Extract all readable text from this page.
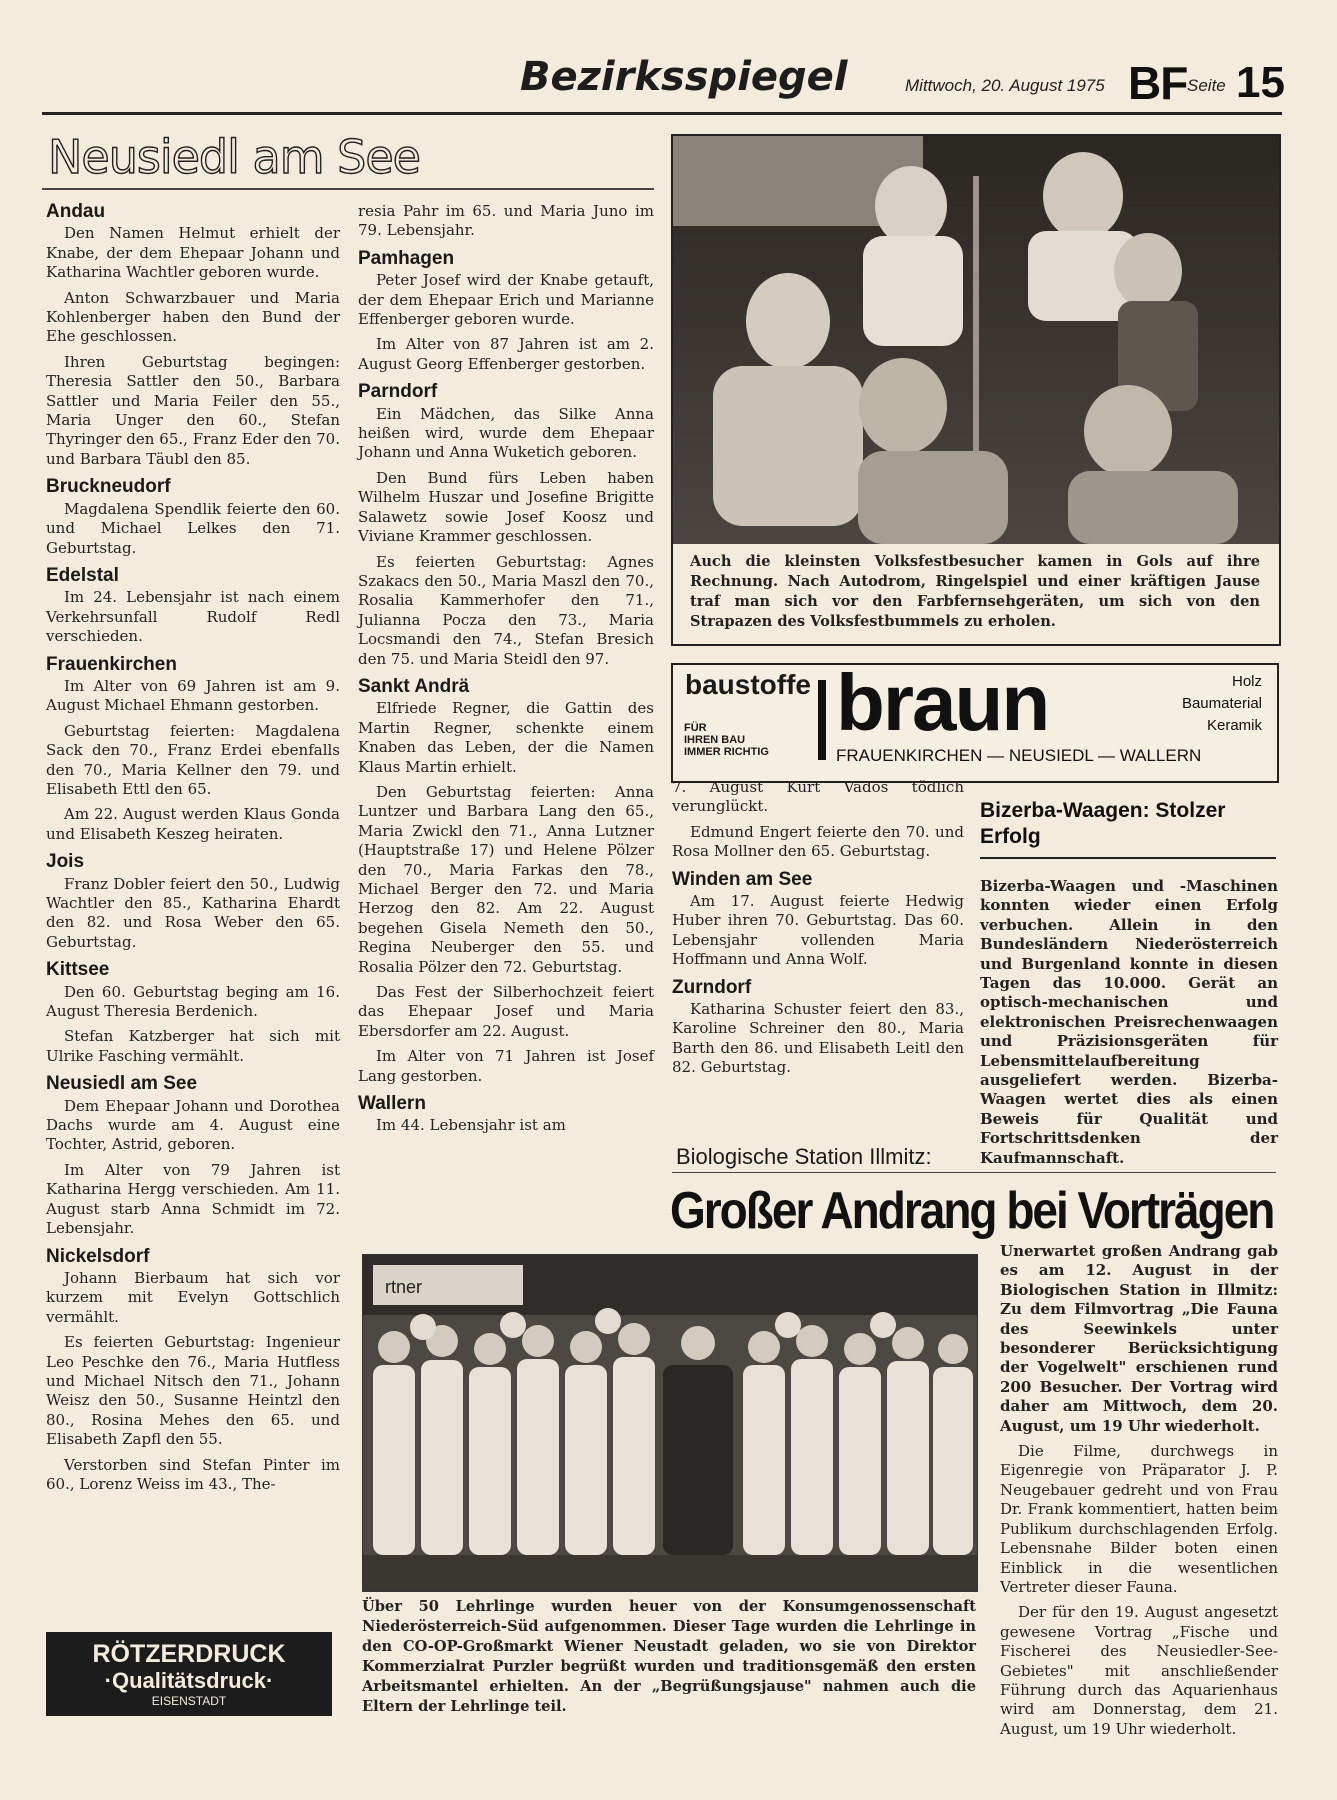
Bezirksspiegel	Mittwoch, 20. August 1975 BF Seite 15
Neusiedl am See
Andau

Den Namen Helmut erhielt der Knabe, der dem Ehepaar Johann und Katharina Wachtler geboren wurde.

Anton Schwarzbauer und Maria Kohlenberger haben den Bund der Ehe geschlossen.

Ihren Geburtstag begingen: Theresia Sattler den 50., Barbara Sattler und Maria Feiler den 55., Maria Unger den 60., Stefan Thyringer den 65., Franz Eder den 70. und Barbara Täubl den 85.

Bruckneudorf

Magdalena Spendlik feierte den 60. und Michael Lelkes den 71. Geburtstag.

Edelstal

Im 24. Lebensjahr ist nach einem Verkehrsunfall Rudolf Redl verschieden.

Frauenkirchen

Im Alter von 69 Jahren ist am 9. August Michael Ehmann gestorben.

Geburtstag feierten: Magdalena Sack den 70., Franz Erdei ebenfalls den 70., Maria Kellner den 79. und Elisabeth Ettl den 65.

Am 22. August werden Klaus Gonda und Elisabeth Keszeg heiraten.

Jois

Franz Dobler feiert den 50., Ludwig Wachtler den 85., Katharina Ehardt den 82. und Rosa Weber den 65. Geburtstag.

Kittsee

Den 60. Geburtstag beging am 16. August Theresia Berdenich.

Stefan Katzberger hat sich mit Ulrike Fasching vermählt.

Neusiedl am See

Dem Ehepaar Johann und Dorothea Dachs wurde am 4. August eine Tochter, Astrid, geboren.

Im Alter von 79 Jahren ist Katharina Hergg verschieden. Am 11. August starb Anna Schmidt im 72. Lebensjahr.

Nickelsdorf

Johann Bierbaum hat sich vor kurzem mit Evelyn Gottschlich vermählt.

Es feierten Geburtstag: Ingenieur Leo Peschke den 76., Maria Hutfless und Michael Nitsch den 71., Johann Weisz den 50., Susanne Heintzl den 80., Rosina Mehes den 65. und Elisabeth Zapfl den 55.

Verstorben sind Stefan Pinter im 60., Lorenz Weiss im 43., The-

resia Pahr im 65. und Maria Juno im 79. Lebensjahr.

Pamhagen

Peter Josef wird der Knabe getauft, der dem Ehepaar Erich und Marianne Effenberger geboren wurde.

Im Alter von 87 Jahren ist am 2. August Georg Effenberger gestorben.

Parndorf

Ein Mädchen, das Silke Anna heißen wird, wurde dem Ehepaar Johann und Anna Wuketich geboren.

Den Bund fürs Leben haben Wilhelm Huszar und Josefine Brigitte Salawetz sowie Josef Koosz und Viviane Krammer geschlossen.

Es feierten Geburtstag: Agnes Szakacs den 50., Maria Maszl den 70., Rosalia Kammerhofer den 71., Julianna Pocza den 73., Maria Locsmandi den 74., Stefan Bresich den 75. und Maria Steidl den 97.

Sankt Andrä

Elfriede Regner, die Gattin des Martin Regner, schenkte einem Knaben das Leben, der die Namen Klaus Martin erhielt.

Den Geburtstag feierten: Anna Luntzer und Barbara Lang den 65., Maria Zwickl den 71., Anna Lutzner (Hauptstraße 17) und Helene Pölzer den 70., Maria Farkas den 78., Michael Berger den 72. und Maria Herzog den 82. Am 22. August begehen Gisela Nemeth den 50., Regina Neuberger den 55. und Rosalia Pölzer den 72. Geburtstag.

Das Fest der Silberhochzeit feiert das Ehepaar Josef und Maria Ebersdorfer am 22. August.

Im Alter von 71 Jahren ist Josef Lang gestorben.

Wallern

Im 44. Lebensjahr ist am

Auch die kleinsten Volksfestbesucher kamen in Gols auf ihre Rechnung. Nach Autodrom, Ringelspiel und einer kräftigen Jause traf man sich vor den Farbfernsehgeräten, um sich von den Strapazen des Volksfestbummels zu erholen.
baustoffe
FÜR
IHREN BAU
IMMER RICHTIG
braun
FRAUENKIRCHEN — NEUSIEDL — WALLERN
Holz
Baumaterial
Keramik

7. August Kurt Vados tödlich verunglückt.

Edmund Engert feierte den 70. und Rosa Mollner den 65. Geburtstag.

Winden am See

Am 17. August feierte Hedwig Huber ihren 70. Geburtstag. Das 60. Lebensjahr vollenden Maria Hoffmann und Anna Wolf.

Zurndorf

Katharina Schuster feiert den 83., Karoline Schreiner den 80., Maria Barth den 86. und Elisabeth Leitl den 82. Geburtstag.

Bizerba-Waagen: Stolzer Erfolg

Bizerba-Waagen und -Maschinen konnten wieder einen Erfolg verbuchen. Allein in den Bundesländern Niederösterreich und Burgenland konnte in diesen Tagen das 10.000. Gerät an optisch-mechanischen und elektronischen Preisrechenwaagen und Präzisionsgeräten für Lebensmittelaufbereitung ausgeliefert werden. Bizerba-Waagen wertet dies als einen Beweis für Qualität und Fortschrittsdenken der Kaufmannschaft.

Biologische Station Illmitz:
Großer Andrang bei Vorträgen

Unerwartet großen Andrang gab es am 12. August in der Biologischen Station in Illmitz: Zu dem Filmvortrag „Die Fauna des Seewinkels unter besonderer Berücksichtigung der Vogelwelt" erschienen rund 200 Besucher. Der Vortrag wird daher am Mittwoch, dem 20. August, um 19 Uhr wiederholt.

Die Filme, durchwegs in Eigenregie von Präparator J. P. Neugebauer gedreht und von Frau Dr. Frank kommentiert, hatten beim Publikum durchschlagenden Erfolg. Lebensnahe Bilder boten einen Einblick in die wesentlichen Vertreter dieser Fauna.

Der für den 19. August angesetzt gewesene Vortrag „Fische und Fischerei des Neusiedler-See-Gebietes" mit anschließender Führung durch das Aquarienhaus wird am Donnerstag, dem 21. August, um 19 Uhr wiederholt.

rtner
Über 50 Lehrlinge wurden heuer von der Konsumgenossenschaft Niederösterreich-Süd aufgenommen. Dieser Tage wurden die Lehrlinge in den CO-OP-Großmarkt Wiener Neustadt geladen, wo sie von Direktor Kommerzialrat Purzler begrüßt wurden und traditionsgemäß den ersten Arbeitsmantel erhielten. An der „Begrüßungsjause" nahmen auch die Eltern der Lehrlinge teil.
RÖTZERDRUCK
·Qualitätsdruck·
EISENSTADT
